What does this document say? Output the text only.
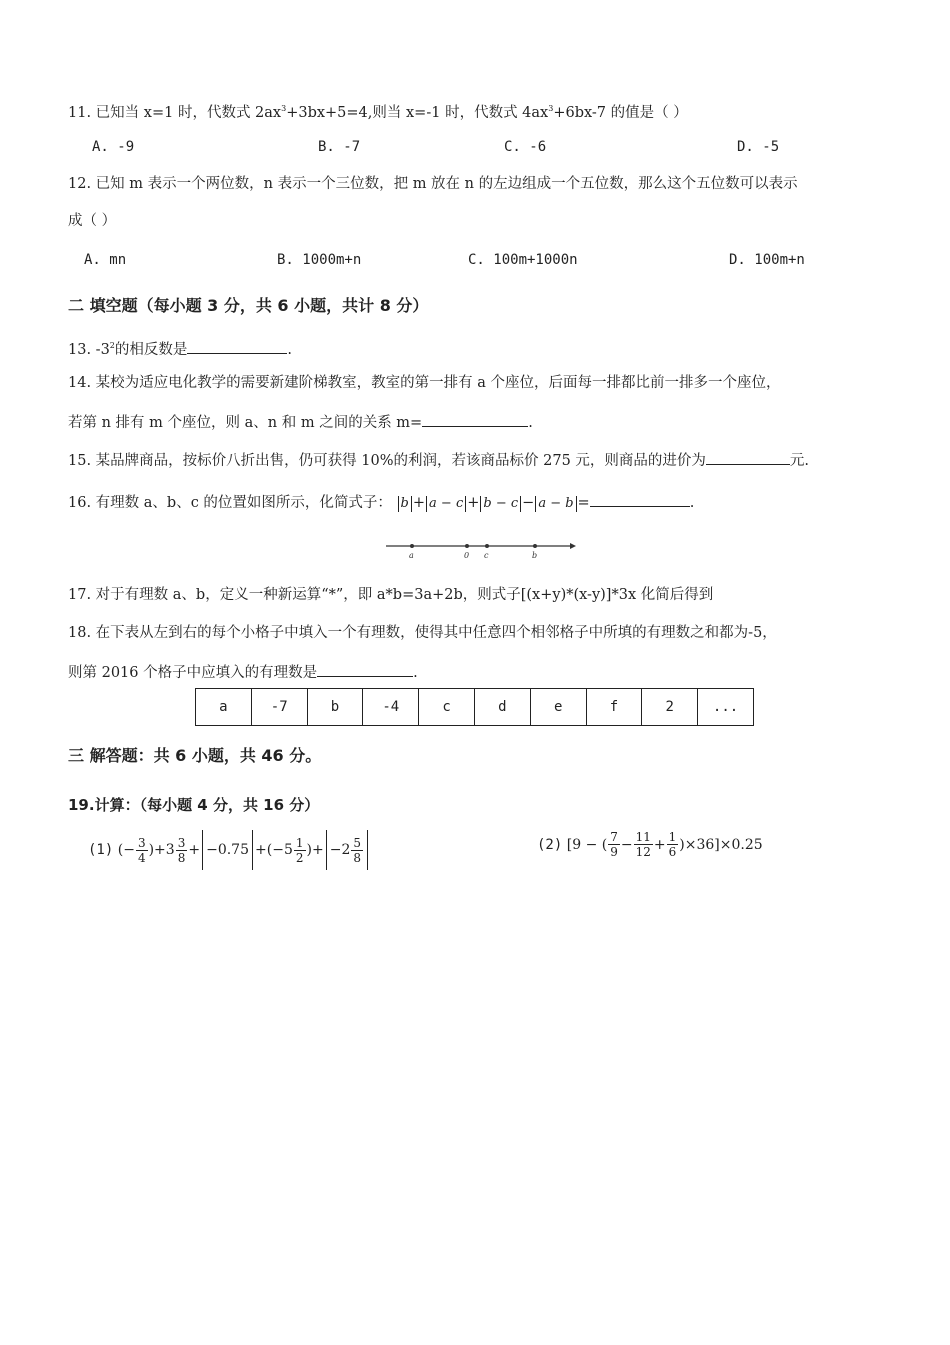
11. 已知当 x=1 时，代数式 $2ax^3+3bx+5=4$,则当 x=-1 时，代数式 $4ax^3+6bx-7$ 的值是（ ）
A. -9	B. -7	C. -6	D. -5
12. 已知 m 表示一个两位数，n 表示一个三位数，把 m 放在 n 的左边组成一个五位数，那么这个五位数可以表示
成（ ）
A. mn	B. 1000m+n	C. 100m+1000n	D. 100m+n
二 填空题（每小题 3 分，共 6 小题，共计 8 分）
13. $-3^2$的相反数是	.
14. 某校为适应电化教学的需要新建阶梯教室，教室的第一排有 a 个座位，后面每一排都比前一排多一个座位，
若第 n 排有 m 个座位，则 a、n 和 m 之间的关系 m=	.
15. 某品牌商品，按标价八折出售，仍可获得 10%的利润，若该商品标价 275 元，则商品的进价为	元.
16. 有理数 a、b、c 的位置如图所示，化简式子： b + a − c + b − c − a − b =	.
a	0 c	b
17. 对于有理数 a、b，定义一种新运算“*”，即 a*b=3a+2b，则式子[(x+y)*(x-y)]*3x 化简后得到
18. 在下表从左到右的每个小格子中填入一个有理数，使得其中任意四个相邻格子中所填的有理数之和都为-5，
则第 2016 个格子中应填入的有理数是	.
a	-7	b	-4	c	d	e	f	2	...
三 解答题：共 6 小题，共 46 分。
19.计算：（每小题 4 分，共 16 分）
(1) (− $\frac{3}{4}$ )+ $3 \frac{3}{8} + -0.75$ +(− $5 \frac{1}{2}$ )+ − $2 \frac{5}{8}$	(2) [9 − ( $\frac{7}{9} - \frac{11}{12} + \frac{1}{6}$ ) ×36]×0.25
